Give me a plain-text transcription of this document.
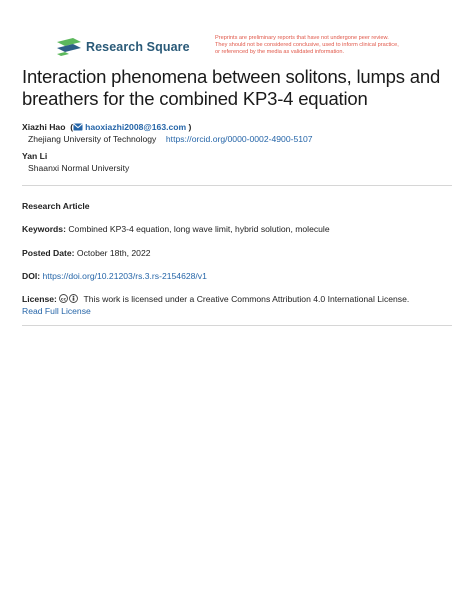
Research Square
Preprints are preliminary reports that have not undergone peer review.
They should not be considered conclusive, used to inform clinical practice,
or referenced by the media as validated information.
Interaction phenomena between solitons, lumps and breathers for the combined KP3-4 equation
Xiazhi Hao  ( haoxiazhi2008@163.com )
Zhejiang University of Technology https://orcid.org/0000-0002-4900-5107
Yan Li
Shaanxi Normal University
Research Article
Keywords: Combined KP3-4 equation, long wave limit, hybrid solution, molecule
Posted Date: October 18th, 2022
DOI: https://doi.org/10.21203/rs.3.rs-2154628/v1
License: cc This work is licensed under a Creative Commons Attribution 4.0 International License.
Read Full License
